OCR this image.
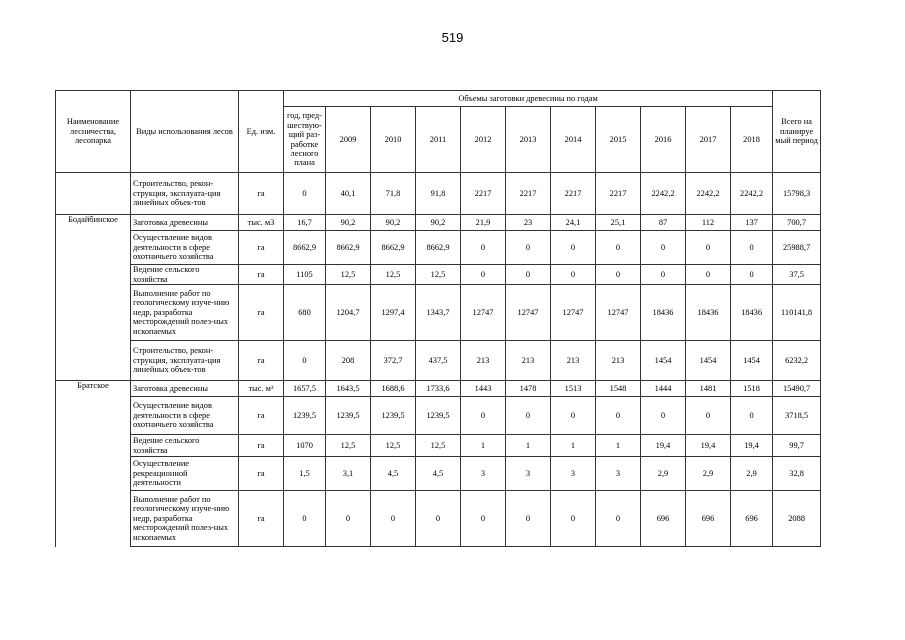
519
Наименование лесничества, лесопарка	Виды использования лесов	Ед. изм.	Объемы заготовки древесины по годам											Всего на планируе мый период
			год, пред-шествую-щий раз-работке лесного плана	2009	2010	2011	2012	2013	2014	2015	2016	2017	2018	
	Строительство, рекон-струкция, эксплуата-ция линейных объек-тов	га	0	40,1	71,8	91,8	2217	2217	2217	2217	2242,2	2242,2	2242,2	15798,3
Бодайбинское	Заготовка древесины	тыс. м3	16,7	90,2	90,2	90,2	21,9	23	24,1	25,1	87	112	137	700,7
	Осуществление видов деятельности в сфере охотничьего хозяйства	га	8662,9	8662,9	8662,9	8662,9	0	0	0	0	0	0	0	25988,7
	Ведение сельского хозяйства	га	1105	12,5	12,5	12,5	0	0	0	0	0	0	0	37,5
	Выполнение работ по геологическому изуче-нию недр, разработка месторождений полез-ных ископаемых	га	680	1204,7	1297,4	1343,7	12747	12747	12747	12747	18436	18436	18436	110141,8
	Строительство, рекон-струкция, эксплуата-ция линейных объек-тов	га	0	208	372,7	437,5	213	213	213	213	1454	1454	1454	6232,2
Братское	Заготовка древесины	тыс. м³	1657,5	1643,5	1688,6	1733,6	1443	1478	1513	1548	1444	1481	1518	15490,7
	Осуществление видов деятельности в сфере охотничьего хозяйства	га	1239,5	1239,5	1239,5	1239,5	0	0	0	0	0	0	0	3718,5
	Ведение сельского хозяйства	га	1070	12,5	12,5	12,5	1	1	1	1	19,4	19,4	19,4	99,7
	Осуществление рекреационной деятельности	га	1,5	3,1	4,5	4,5	3	3	3	3	2,9	2,9	2,9	32,8
	Выполнение работ по геологическому изуче-нию недр, разработка месторождений полез-ных ископаемых	га	0	0	0	0	0	0	0	0	696	696	696	2088
